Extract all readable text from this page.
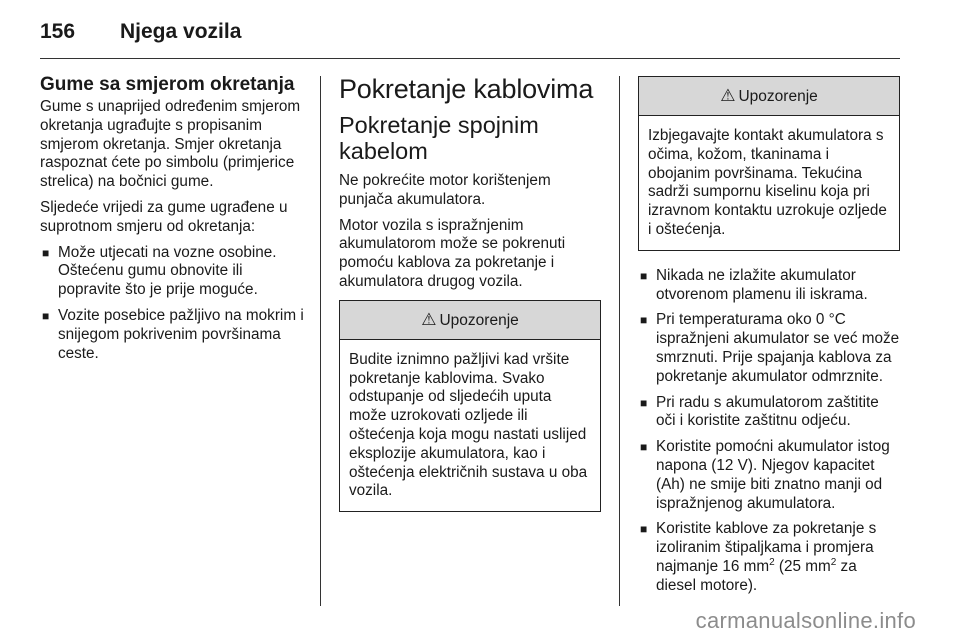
156 Njega vozila
Gume sa smjerom okretanja

Gume s unaprijed određenim smjerom okretanja ugrađujte s propisanim smjerom okretanja. Smjer okretanja raspoznat ćete po simbolu (primjerice strelica) na bočnici gume.

Sljedeće vrijedi za gume ugrađene u suprotnom smjeru od okretanja:

■ Može utjecati na vozne osobine. Oštećenu gumu obnovite ili popravite što je prije moguće.
■ Vozite posebice pažljivo na mokrim i snijegom pokrivenim površinama ceste.
Pokretanje kablovima
Pokretanje spojnim kabelom

Ne pokrećite motor korištenjem punjača akumulatora.

Motor vozila s ispražnjenim akumulatorom može se pokrenuti pomoću kablova za pokretanje i akumulatora drugog vozila.

⚠ Upozorenje
Budite iznimno pažljivi kad vršite pokretanje kablovima. Svako odstupanje od sljedećih uputa može uzrokovati ozljede ili oštećenja koja mogu nastati uslijed eksplozije akumulatora, kao i oštećenja električnih sustava u oba vozila.
⚠ Upozorenje
Izbjegavajte kontakt akumulatora s očima, kožom, tkaninama i obojanim površinama. Tekućina sadrži sumpornu kiselinu koja pri izravnom kontaktu uzrokuje ozljede i oštećenja.
■ Nikada ne izlažite akumulator otvorenom plamenu ili iskrama.
■ Pri temperaturama oko 0 °C ispražnjeni akumulator se već može smrznuti. Prije spajanja kablova za pokretanje akumulator odmrznite.
■ Pri radu s akumulatorom zaštitite oči i koristite zaštitnu odjeću.
■ Koristite pomoćni akumulator istog napona (12 V). Njegov kapacitet (Ah) ne smije biti znatno manji od ispražnjenog akumulatora.
■ Koristite kablove za pokretanje s izoliranim štipaljkama i promjera najmanje 16 $mm^2$ (25 $mm^2$ za diesel motore).
carmanualsonline.info
